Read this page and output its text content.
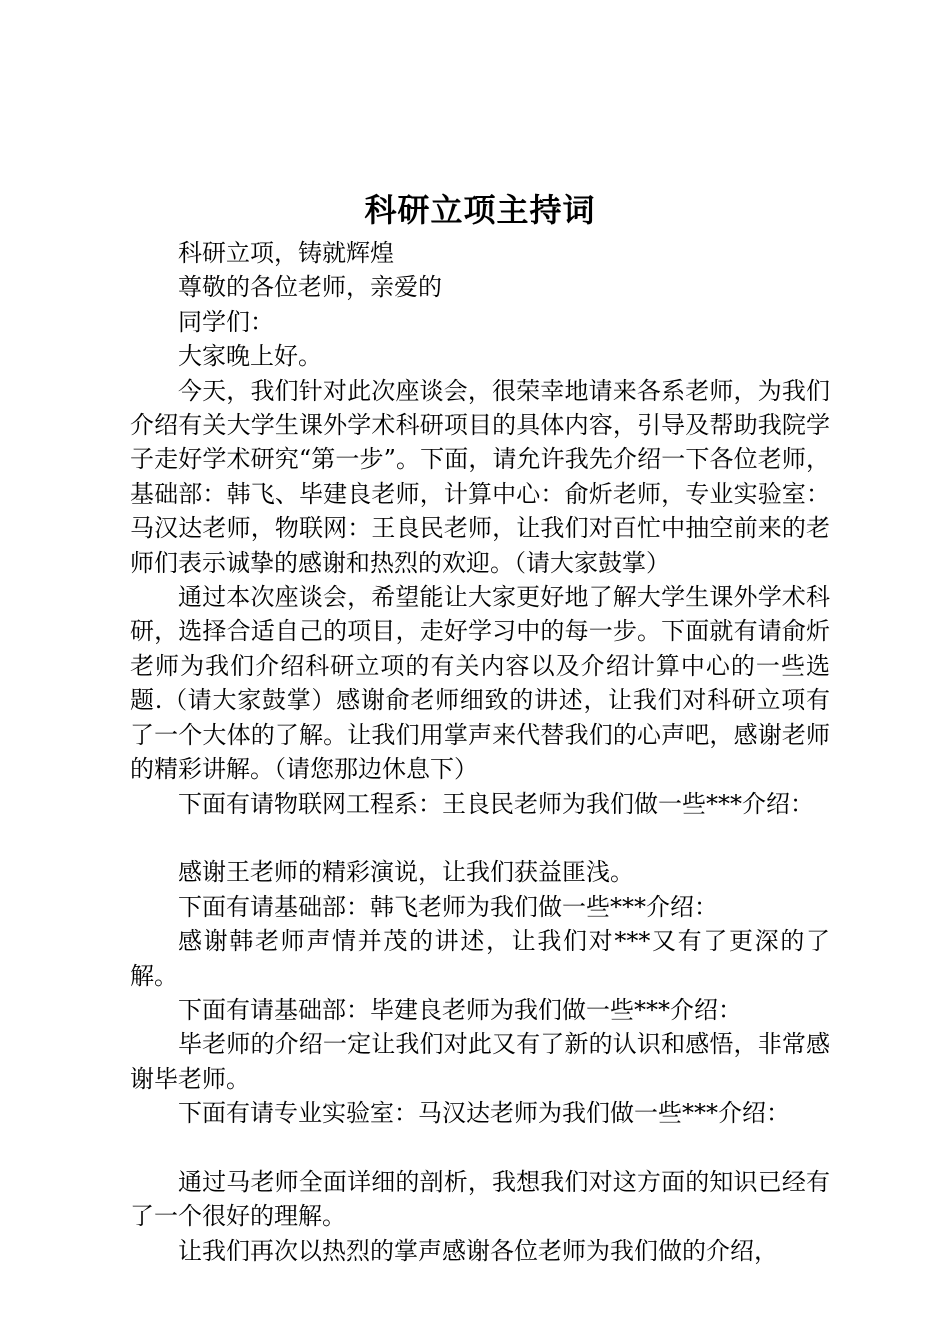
科研立项主持词

科研立项，铸就辉煌

尊敬的各位老师，亲爱的

同学们：

大家晚上好。

今天，我们针对此次座谈会，很荣幸地请来各系老师，为我们介绍有关大学生课外学术科研项目的具体内容，引导及帮助我院学子走好学术研究“第一步”。下面，请允许我先介绍一下各位老师，基础部：韩飞、毕建良老师，计算中心：俞炘老师，专业实验室：马汉达老师，物联网：王良民老师，让我们对百忙中抽空前来的老师们表示诚挚的感谢和热烈的欢迎。（请大家鼓掌）

通过本次座谈会，希望能让大家更好地了解大学生课外学术科研，选择合适自己的项目，走好学习中的每一步。下面就有请俞炘老师为我们介绍科研立项的有关内容以及介绍计算中心的一些选题.（请大家鼓掌）感谢俞老师细致的讲述，让我们对科研立项有了一个大体的了解。让我们用掌声来代替我们的心声吧，感谢老师的精彩讲解。（请您那边休息下）

下面有请物联网工程系：王良民老师为我们做一些***介绍：

感谢王老师的精彩演说，让我们获益匪浅。

下面有请基础部：韩飞老师为我们做一些***介绍：

感谢韩老师声情并茂的讲述，让我们对***又有了更深的了解。

下面有请基础部：毕建良老师为我们做一些***介绍：

毕老师的介绍一定让我们对此又有了新的认识和感悟，非常感谢毕老师。

下面有请专业实验室：马汉达老师为我们做一些***介绍：

通过马老师全面详细的剖析，我想我们对这方面的知识已经有了一个很好的理解。

让我们再次以热烈的掌声感谢各位老师为我们做的介绍，
